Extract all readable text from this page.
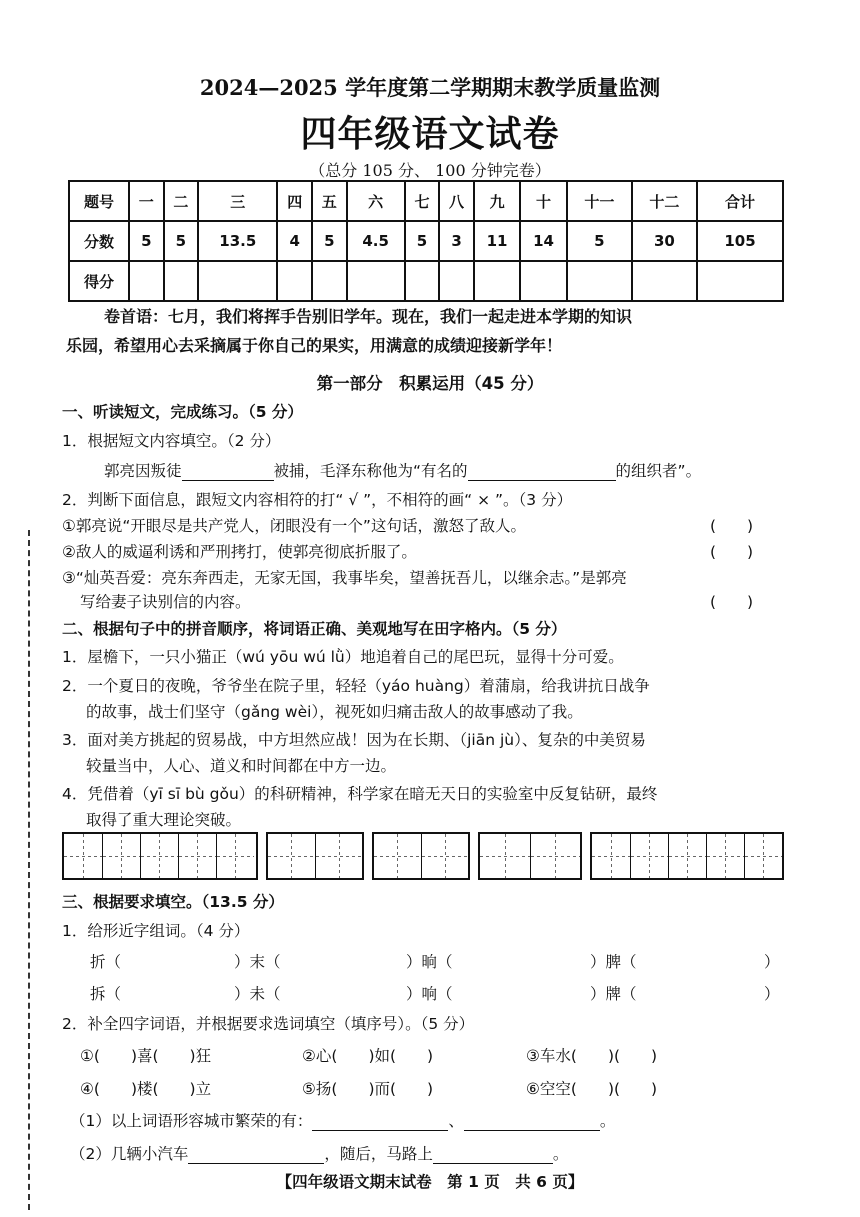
2024—2025 学年度第二学期期末教学质量监测
四年级语文试卷
（总分 105 分、 100 分钟完卷）
题号	一	二	三	四	五	六	七	八	九	十	十一	十二	合计
分数	5	5	13.5	4	5	4.5	5	3	11	14	5	30	105
得分													
卷首语：七月，我们将挥手告别旧学年。现在，我们一起走进本学期的知识
乐园，希望用心去采摘属于你自己的果实，用满意的成绩迎接新学年！
第一部分　积累运用（45 分）
一、听读短文，完成练习。（5 分）
1．根据短文内容填空。（2 分）
郭亮因叛徒	被捕，毛泽东称他为“有名的	的组织者”。
2．判断下面信息，跟短文内容相符的打“ √ ”，不相符的画“ × ”。（3 分）
①郭亮说“开眼尽是共产党人，闭眼没有一个”这句话，激怒了敌人。	(　　)
②敌人的威逼利诱和严刑拷打，使郭亮彻底折服了。	(　　)
③“灿英吾爱：亮东奔西走，无家无国，我事毕矣，望善抚吾儿，以继余志。”是郭亮
写给妻子诀别信的内容。	(　　)
二、根据句子中的拼音顺序，将词语正确、美观地写在田字格内。（5 分）
1．屋檐下，一只小猫正（wú yōu wú lǜ）地追着自己的尾巴玩，显得十分可爱。
2．一个夏日的夜晚，爷爷坐在院子里，轻轻（yáo huàng）着蒲扇，给我讲抗日战争
的故事，战士们坚守（gǎng wèi），视死如归痛击敌人的故事感动了我。
3．面对美方挑起的贸易战，中方坦然应战！因为在长期、（jiān jù）、复杂的中美贸易
较量当中，人心、道义和时间都在中方一边。
4．凭借着（yī sī bù gǒu）的科研精神，科学家在暗无天日的实验室中反复钻研，最终
取得了重大理论突破。
三、根据要求填空。（13.5 分）
1．给形近字组词。（4 分）
折（	）末（	）晌（	）脾（	）
拆（	）未（	）响（	）牌（	）
2．补全四字词语，并根据要求选词填空（填序号）。（5 分）
①(　　)喜(　　)狂	②心(　　)如(　　)	③车水(　　)(　　)
④(　　)楼(　　)立	⑤扬(　　)而(　　)	⑥空空(　　)(　　)
（1）以上词语形容城市繁荣的有：	、	。
（2）几辆小汽车	，随后，马路上	。
【四年级语文期末试卷　第 1 页　共 6 页】
